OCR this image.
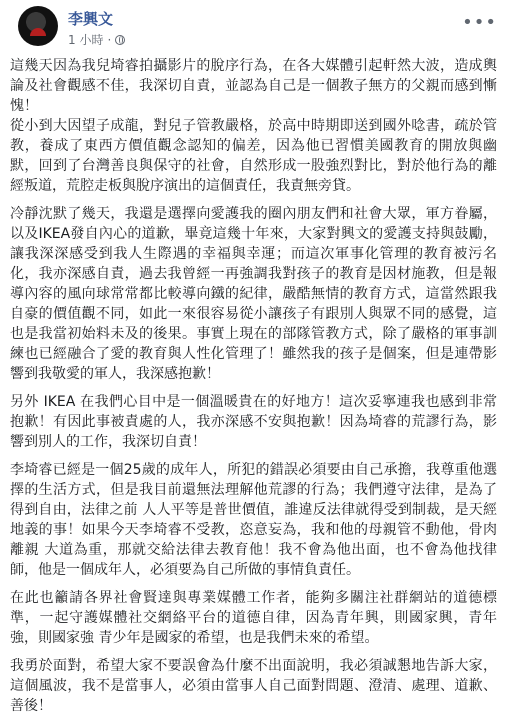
李興文
1 小時 ·
•••

這幾天因為我兒埼睿拍攝影片的脫序行為，在各大媒體引起軒然大波，造成輿論及社會觀感不佳，我深切自責，並認為自己是一個教子無方的父親而感到慚愧！
從小到大因望子成龍，對兒子管教嚴格，於高中時期即送到國外唸書，疏於管教，養成了東西方價值觀念認知的偏差，因為他已習慣美國教育的開放與幽默，回到了台灣善良與保守的社會，自然形成一股強烈對比，對於他行為的離經叛道，荒腔走板與脫序演出的這個責任，我責無旁貸。

冷靜沈默了幾天，我還是選擇向愛護我的圈內朋友們和社會大眾，軍方眷屬，以及IKEA發自內心的道歉，畢竟這幾十年來，大家對興文的愛護支持與鼓勵，讓我深深感受到我人生際遇的幸福與幸運；而這次軍事化管理的教育被污名化，我亦深感自責，過去我曾經一再強調我對孩子的教育是因材施教，但是報導內容的風向球常常都比較導向鐵的紀律，嚴酷無情的教育方式，這當然跟我自豪的價值觀不同，如此一來很容易從小讓孩子有跟別人與眾不同的感覺，這也是我當初始料未及的後果。事實上現在的部隊管教方式，除了嚴格的軍事訓練也已經融合了愛的教育與人性化管理了！雖然我的孩子是個案，但是連帶影響到我敬愛的軍人，我深感抱歉！

另外 IKEA 在我們心目中是一個溫暖貴在的好地方！這次妥寧連我也感到非常抱歉！有因此事被責處的人，我亦深感不安與抱歉！因為埼睿的荒謬行為，影響到別人的工作，我深切自責！

李埼睿已經是一個25歲的成年人，所犯的錯誤必須要由自己承擔，我尊重他選擇的生活方式，但是我目前還無法理解他荒謬的行為；我們遵守法律，是為了得到自由，法律之前 人人平等是普世價值，誰違反法律就得受到制裁，是天經地義的事！如果今天李埼睿不受教，恣意妄為，我和他的母親管不動他，骨肉離親 大道為重，那就交給法律去教育他！我不會為他出面，也不會為他找律師，他是一個成年人，必須要為自己所做的事情負責任。

在此也籲請各界社會賢達與專業媒體工作者，能夠多關注社群網站的道德標準，一起守護媒體社交網絡平台的道德自律，因為青年興，則國家興，青年強，則國家強 青少年是國家的希望，也是我們未來的希望。

我勇於面對，希望大家不要誤會為什麼不出面說明，我必須誠懇地告訴大家，這個風波，我不是當事人，必須由當事人自己面對問題、澄清、處理、道歉、善後！
